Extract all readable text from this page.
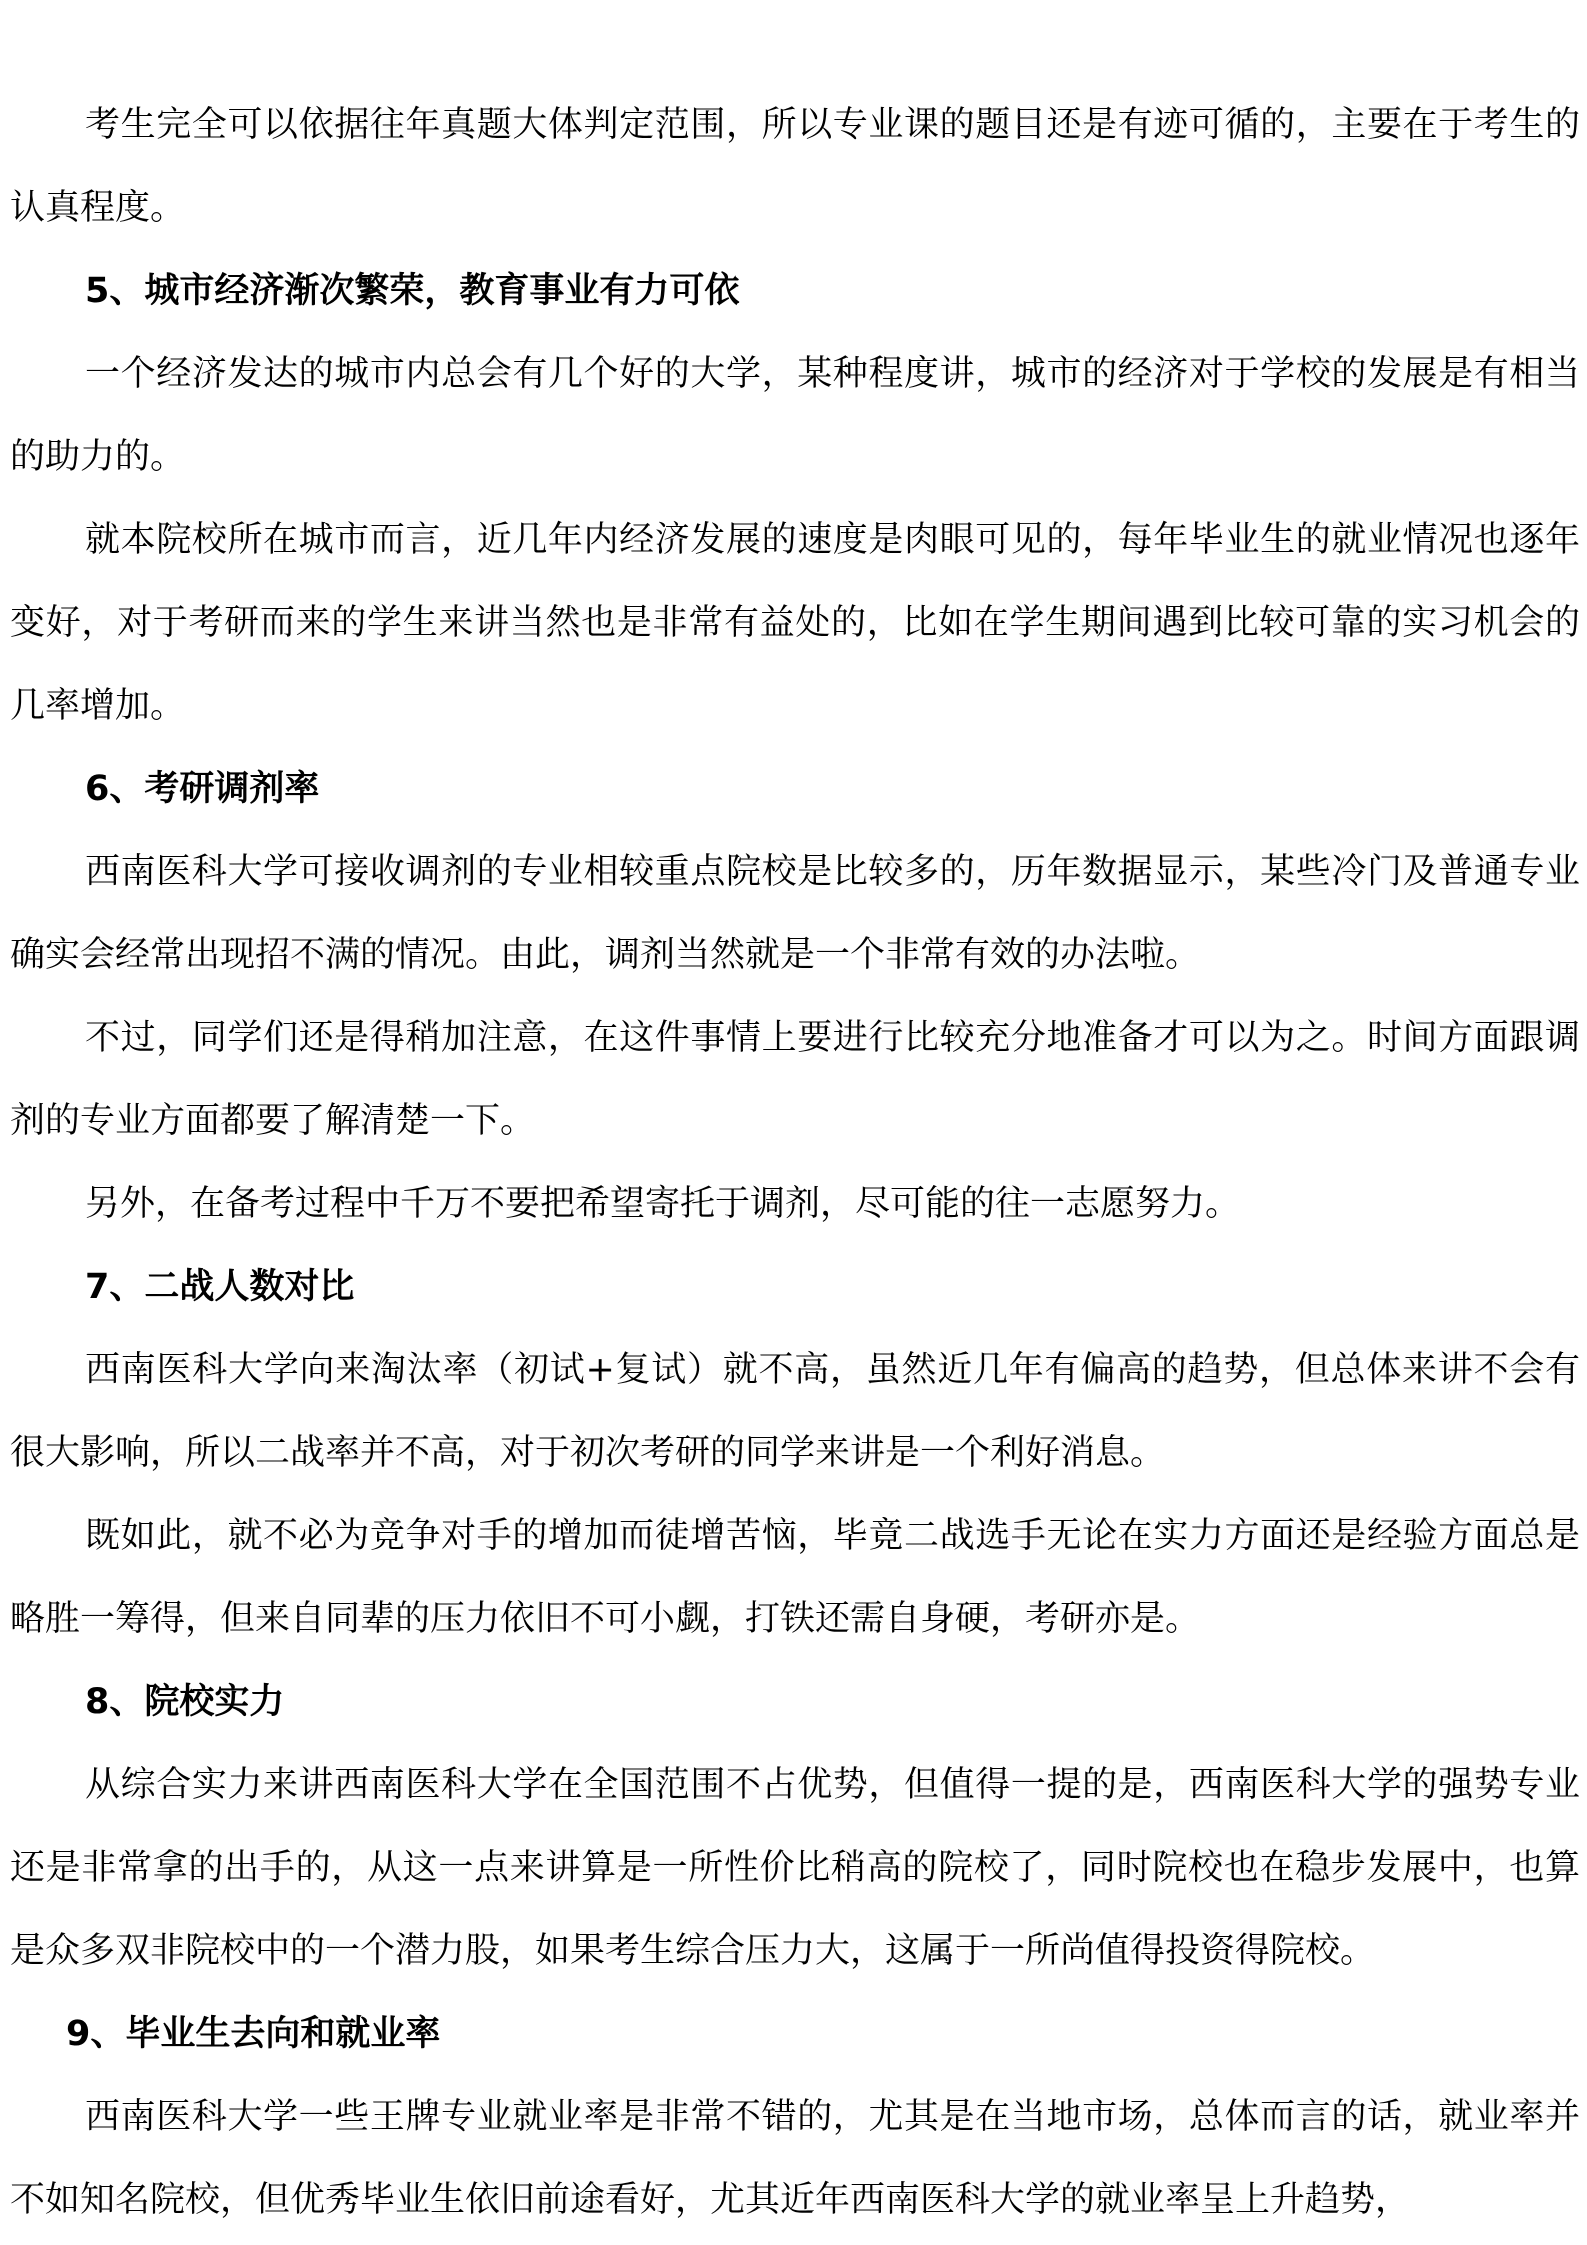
考生完全可以依据往年真题大体判定范围，所以专业课的题目还是有迹可循的，主要在于考生的认真程度。

5、城市经济渐次繁荣，教育事业有力可依

一个经济发达的城市内总会有几个好的大学，某种程度讲，城市的经济对于学校的发展是有相当的助力的。

就本院校所在城市而言，近几年内经济发展的速度是肉眼可见的，每年毕业生的就业情况也逐年变好，对于考研而来的学生来讲当然也是非常有益处的，比如在学生期间遇到比较可靠的实习机会的几率增加。

6、考研调剂率

西南医科大学可接收调剂的专业相较重点院校是比较多的，历年数据显示，某些冷门及普通专业确实会经常出现招不满的情况。由此，调剂当然就是一个非常有效的办法啦。

不过，同学们还是得稍加注意，在这件事情上要进行比较充分地准备才可以为之。时间方面跟调剂的专业方面都要了解清楚一下。

另外，在备考过程中千万不要把希望寄托于调剂，尽可能的往一志愿努力。

7、二战人数对比

西南医科大学向来淘汰率（初试+复试）就不高，虽然近几年有偏高的趋势，但总体来讲不会有很大影响，所以二战率并不高，对于初次考研的同学来讲是一个利好消息。

既如此，就不必为竞争对手的增加而徒增苦恼，毕竟二战选手无论在实力方面还是经验方面总是略胜一筹得，但来自同辈的压力依旧不可小觑，打铁还需自身硬，考研亦是。

8、院校实力

从综合实力来讲西南医科大学在全国范围不占优势，但值得一提的是，西南医科大学的强势专业还是非常拿的出手的，从这一点来讲算是一所性价比稍高的院校了，同时院校也在稳步发展中，也算是众多双非院校中的一个潜力股，如果考生综合压力大，这属于一所尚值得投资得院校。

9、毕业生去向和就业率

西南医科大学一些王牌专业就业率是非常不错的，尤其是在当地市场，总体而言的话，就业率并不如知名院校，但优秀毕业生依旧前途看好，尤其近年西南医科大学的就业率呈上升趋势，
